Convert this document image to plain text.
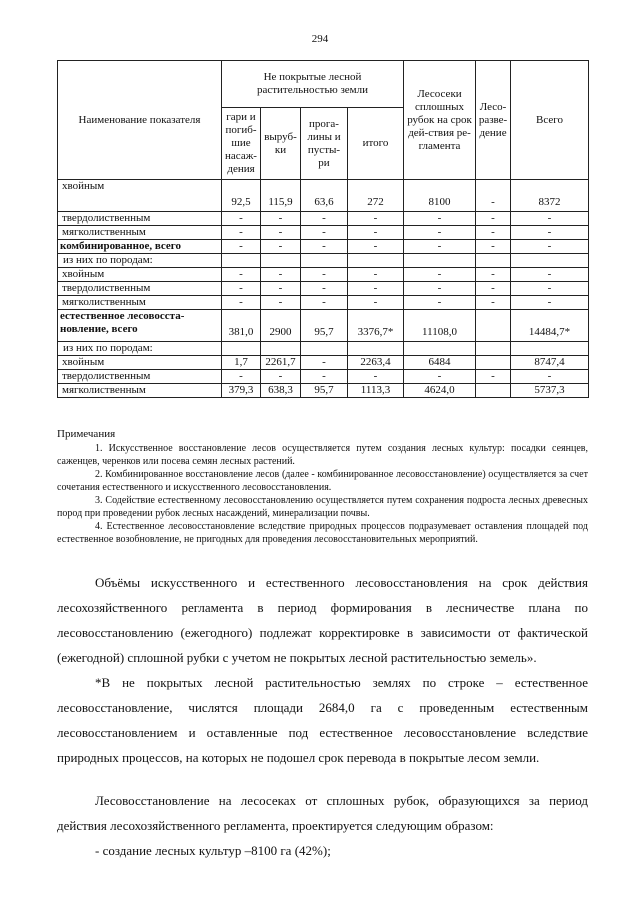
294
Наименование показателя	Не покрытые лесной растительностью земли				Лесосеки сплошных рубок на срок дей-ствия ре-гламента	Лесо-разве-дение	Всего
	гари и погиб-шие насаж-дения	выруб-ки	прога-лины и пусты-ри	итого			
хвойным	92,5	115,9	63,6	272	8100	-	8372
твердолиственным	-	-	-	-	-	-	-
мягколиственным	-	-	-	-	-	-	-
комбинированное, всего	-	-	-	-	-	-	-
из них по породам:							
хвойным	-	-	-	-	-	-	-
твердолиственным	-	-	-	-	-	-	-
мягколиственным	-	-	-	-	-	-	-
естественное лесовосста-новление, всего	381,0	2900	95,7	3376,7*	11108,0		14484,7*
из них по породам:							
хвойным	1,7	2261,7	-	2263,4	6484		8747,4
твердолиственным	-	-	-	-	-	-	-
мягколиственным	379,3	638,3	95,7	1113,3	4624,0		5737,3
Примечания

1. Искусственное восстановление лесов осуществляется путем создания лесных культур: посадки сеянцев, саженцев, черенков или посева семян лесных растений.

2. Комбинированное восстановление лесов (далее - комбинированное лесовосстановление) осуществляется за счет сочетания естественного и искусственного лесовосстановления.

3. Содействие естественному лесовосстановлению осуществляется путем сохранения подроста лесных древесных пород при проведении рубок лесных насаждений, минерализации почвы.

4. Естественное лесовосстановление вследствие природных процессов подразумевает оставления площадей под естественное возобновление, не пригодных для проведения лесовосстановительных мероприятий.

Объёмы искусственного и естественного лесовосстановления на срок действия лесохозяйственного регламента в период формирования в лесничестве плана по лесовосстановлению (ежегодного) подлежат корректировке в зависимости от фактической (ежегодной) сплошной рубки с учетом не покрытых лесной растительностью земель».

*В не покрытых лесной растительностью землях по строке – естественное лесовосстановление, числятся площади 2684,0 га с проведенным естественным лесовосстановлением и оставленные под естественное лесовосстановление вследствие природных процессов, на которых не подошел срок перевода в покрытые лесом земли.

Лесовосстановление на лесосеках от сплошных рубок, образующихся за период действия лесохозяйственного регламента, проектируется следующим образом:

- создание лесных культур –8100 га (42%);
